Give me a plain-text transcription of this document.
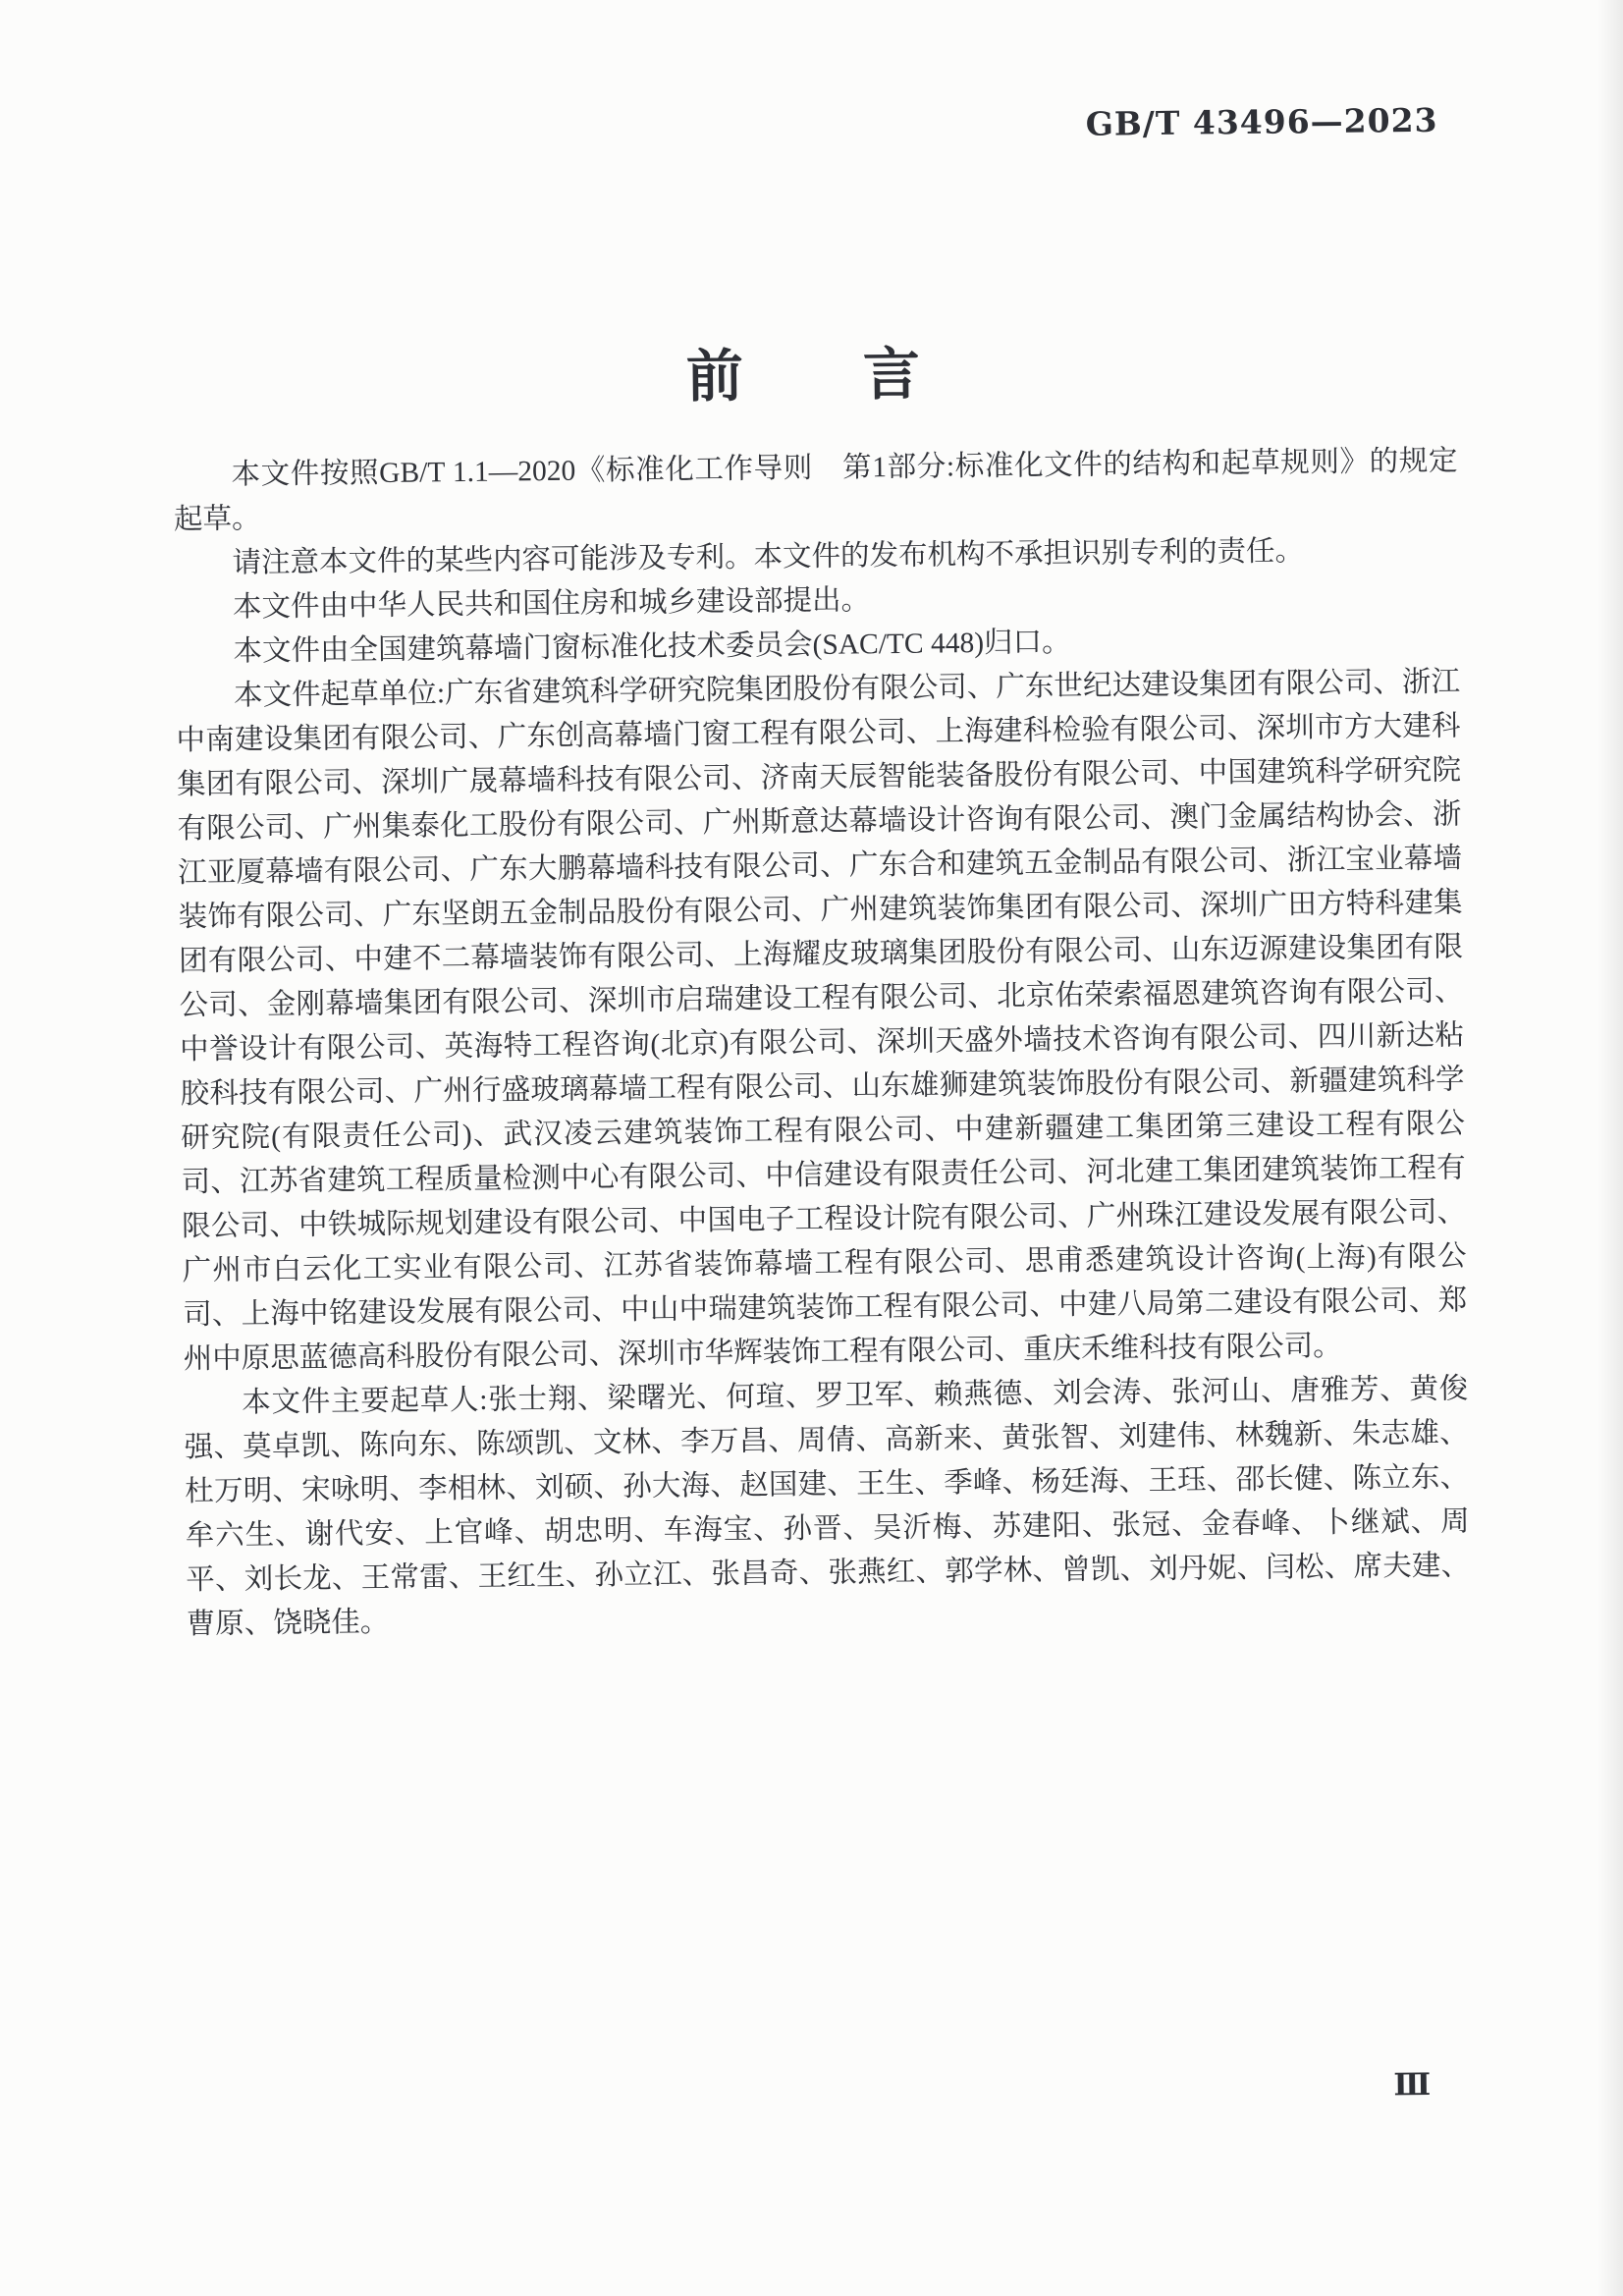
GB/T 43496—2023
前　　言

本文件按照GB/T 1.1—2020《标准化工作导则　第1部分:标准化文件的结构和起草规则》的规定起草。

请注意本文件的某些内容可能涉及专利。本文件的发布机构不承担识别专利的责任。

本文件由中华人民共和国住房和城乡建设部提出。

本文件由全国建筑幕墙门窗标准化技术委员会(SAC/TC 448)归口。

本文件起草单位:广东省建筑科学研究院集团股份有限公司、广东世纪达建设集团有限公司、浙江中南建设集团有限公司、广东创高幕墙门窗工程有限公司、上海建科检验有限公司、深圳市方大建科集团有限公司、深圳广晟幕墙科技有限公司、济南天辰智能装备股份有限公司、中国建筑科学研究院有限公司、广州集泰化工股份有限公司、广州斯意达幕墙设计咨询有限公司、澳门金属结构协会、浙江亚厦幕墙有限公司、广东大鹏幕墙科技有限公司、广东合和建筑五金制品有限公司、浙江宝业幕墙装饰有限公司、广东坚朗五金制品股份有限公司、广州建筑装饰集团有限公司、深圳广田方特科建集团有限公司、中建不二幕墙装饰有限公司、上海耀皮玻璃集团股份有限公司、山东迈源建设集团有限公司、金刚幕墙集团有限公司、深圳市启瑞建设工程有限公司、北京佑荣索福恩建筑咨询有限公司、中誉设计有限公司、英海特工程咨询(北京)有限公司、深圳天盛外墙技术咨询有限公司、四川新达粘胶科技有限公司、广州行盛玻璃幕墙工程有限公司、山东雄狮建筑装饰股份有限公司、新疆建筑科学研究院(有限责任公司)、武汉凌云建筑装饰工程有限公司、中建新疆建工集团第三建设工程有限公司、江苏省建筑工程质量检测中心有限公司、中信建设有限责任公司、河北建工集团建筑装饰工程有限公司、中铁城际规划建设有限公司、中国电子工程设计院有限公司、广州珠江建设发展有限公司、广州市白云化工实业有限公司、江苏省装饰幕墙工程有限公司、思甫悉建筑设计咨询(上海)有限公司、上海中铭建设发展有限公司、中山中瑞建筑装饰工程有限公司、中建八局第二建设有限公司、郑州中原思蓝德高科股份有限公司、深圳市华辉装饰工程有限公司、重庆禾维科技有限公司。

本文件主要起草人:张士翔、梁曙光、何瑄、罗卫军、赖燕德、刘会涛、张河山、唐雅芳、黄俊强、莫卓凯、陈向东、陈颂凯、文林、李万昌、周倩、高新来、黄张智、刘建伟、林魏新、朱志雄、杜万明、宋咏明、李相林、刘硕、孙大海、赵国建、王生、季峰、杨廷海、王珏、邵长健、陈立东、牟六生、谢代安、上官峰、胡忠明、车海宝、孙晋、吴沂梅、苏建阳、张冠、金春峰、卜继斌、周平、刘长龙、王常雷、王红生、孙立江、张昌奇、张燕红、郭学林、曾凯、刘丹妮、闫松、席夫建、曹原、饶晓佳。

Ⅲ
